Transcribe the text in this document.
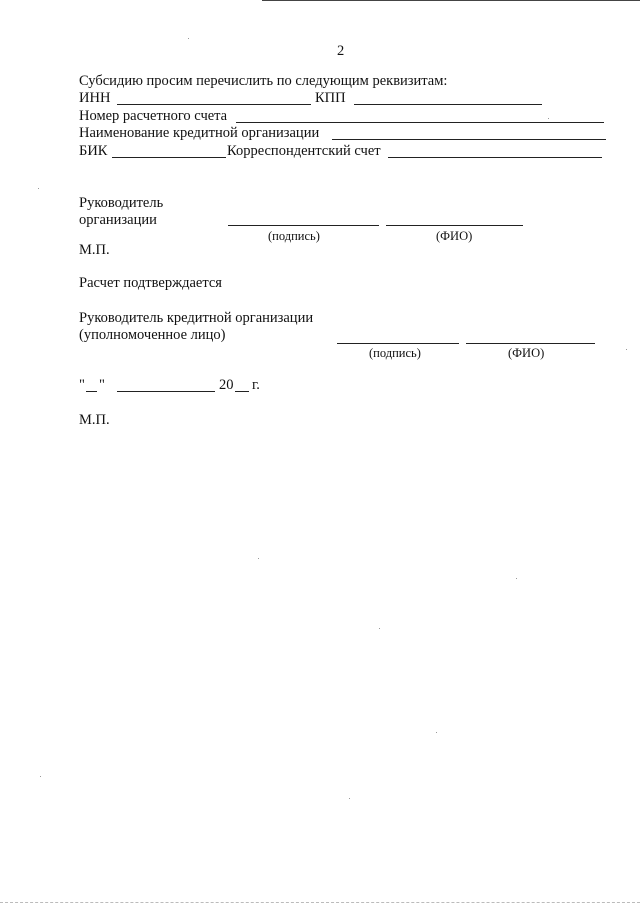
2
Субсидию просим перечислить по следующим реквизитам:
ИНН	КПП
Номер расчетного счета
Наименование кредитной организации
БИК	Корреспондентский счет
Руководитель
организации
(подпись)	(ФИО)
М.П.
Расчет подтверждается
Руководитель кредитной организации
(уполномоченное лицо)
(подпись)	(ФИО)
" "	20 г.
М.П.
